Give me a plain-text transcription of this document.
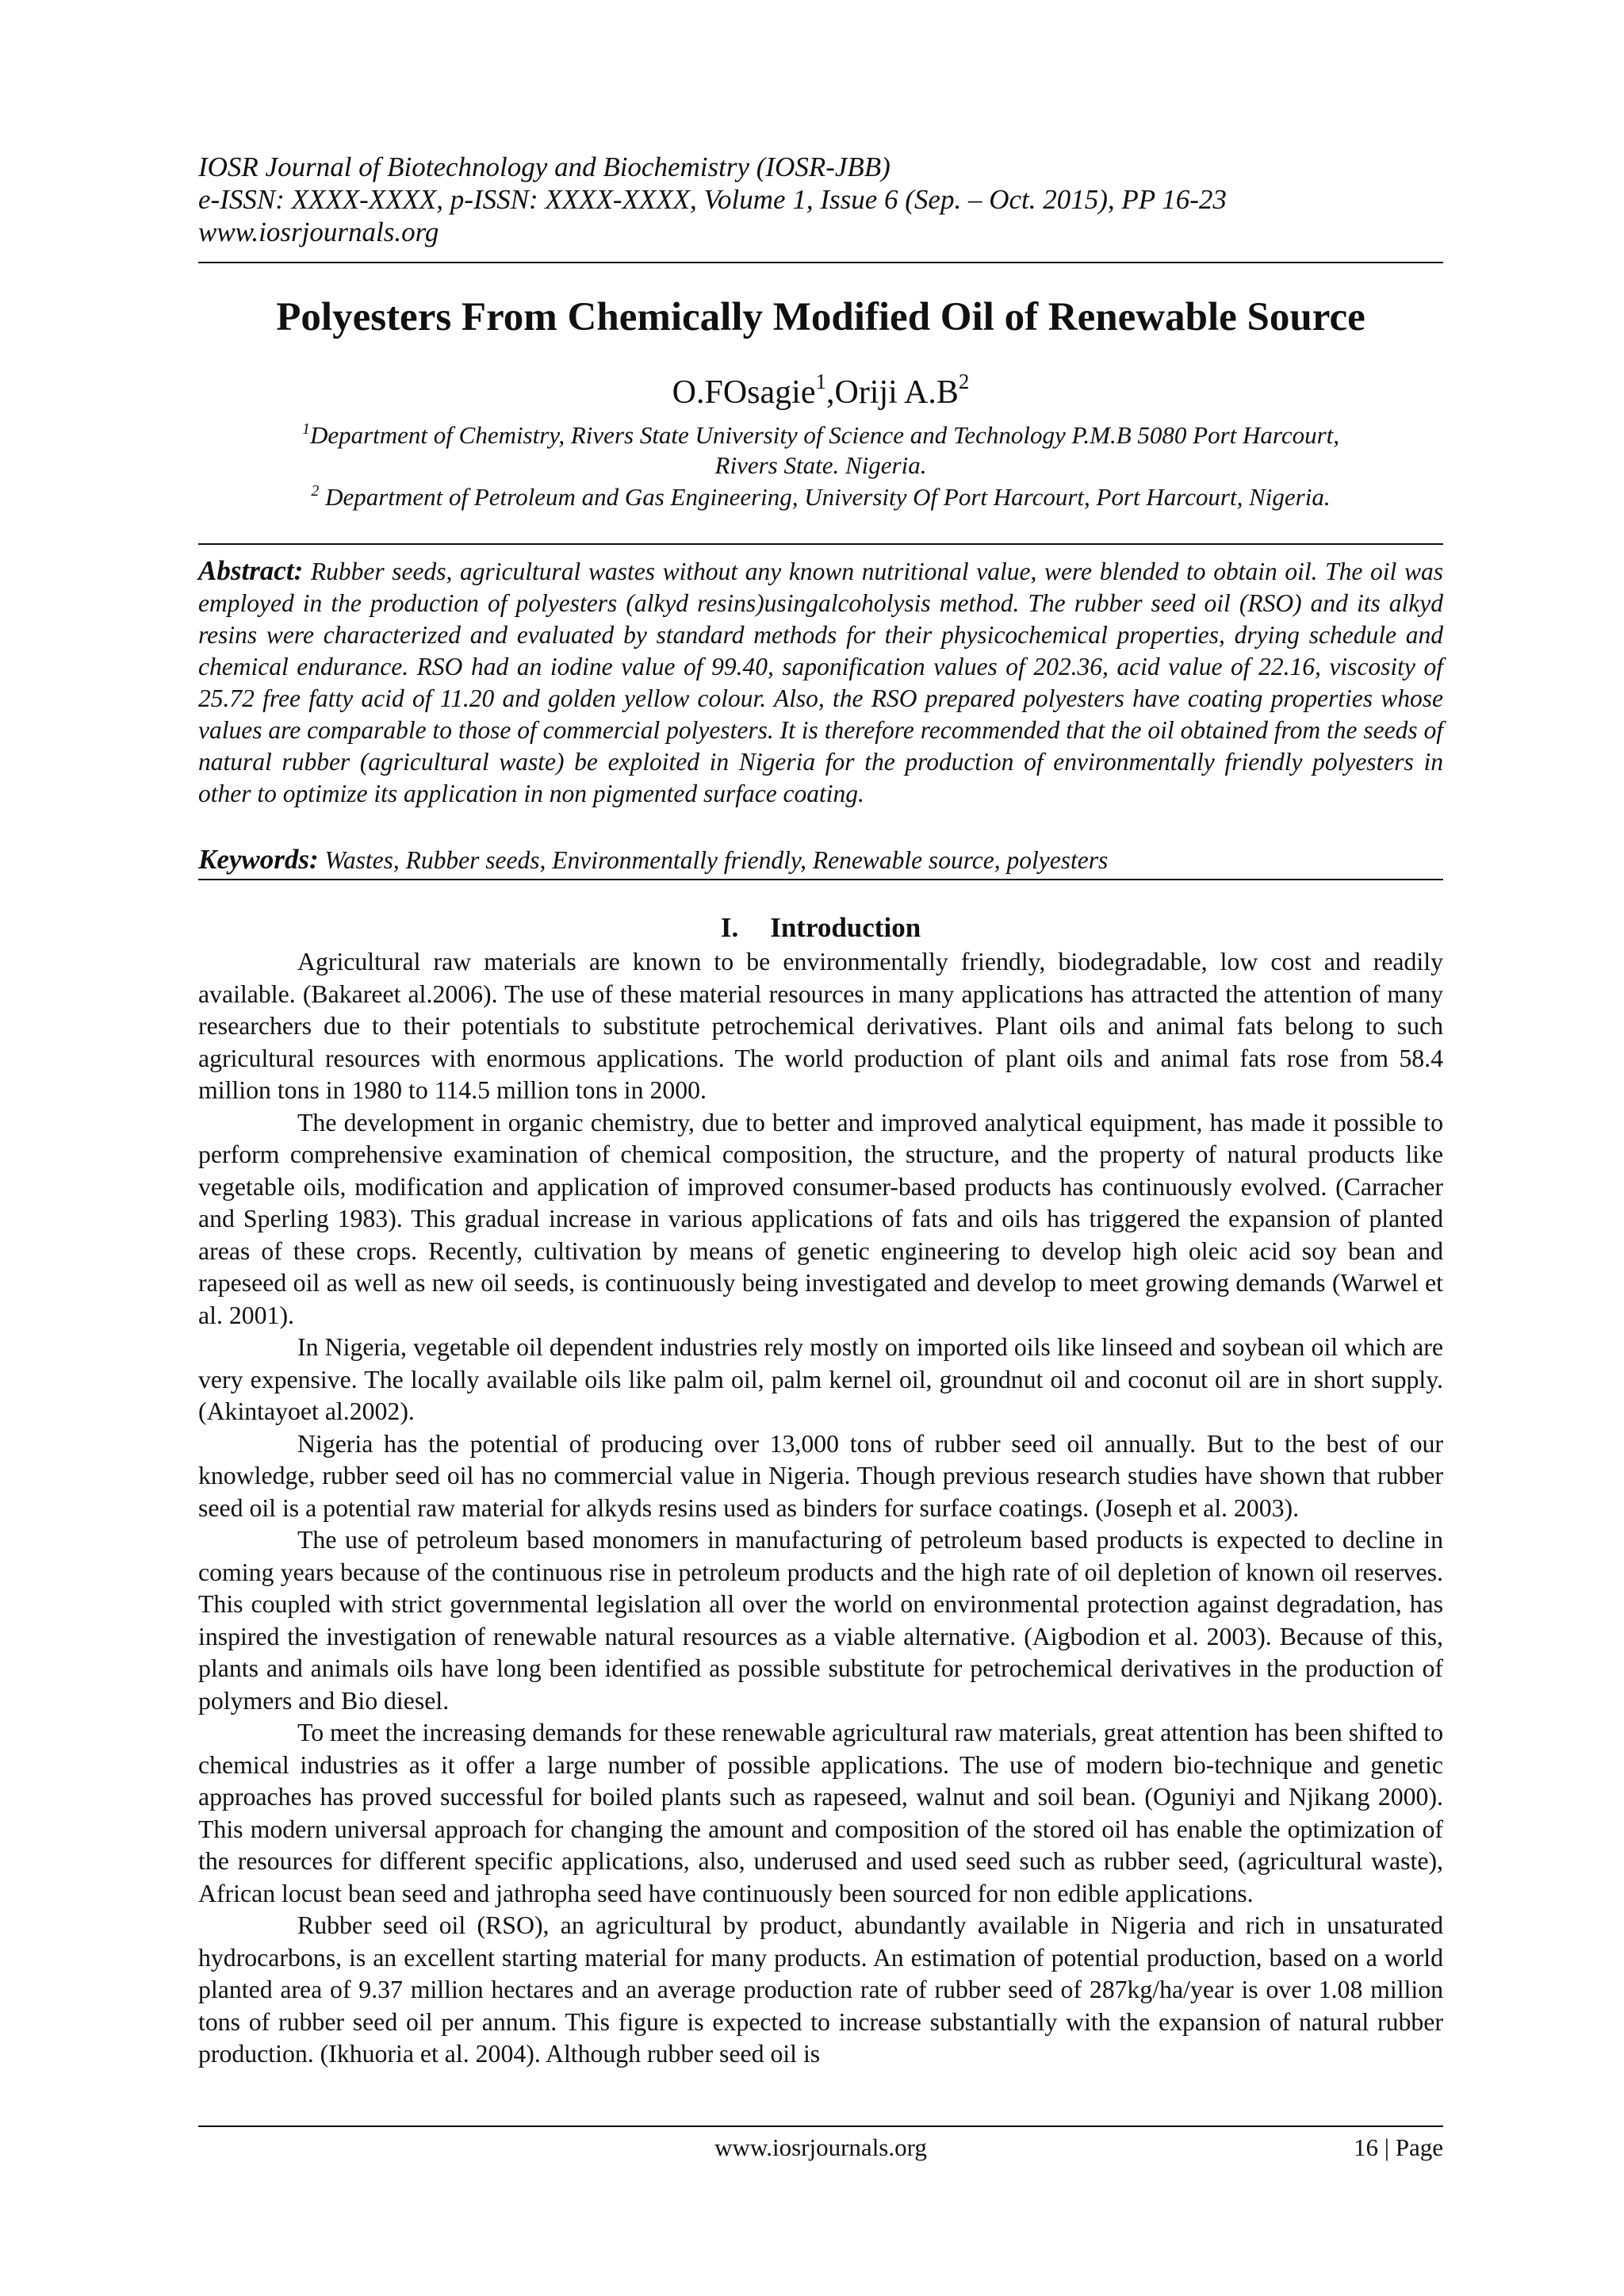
IOSR Journal of Biotechnology and Biochemistry (IOSR-JBB)
e-ISSN: XXXX-XXXX, p-ISSN: XXXX-XXXX, Volume 1, Issue 6 (Sep. – Oct. 2015), PP 16-23
www.iosrjournals.org
Polyesters From Chemically Modified Oil of Renewable Source
O.FOsagie$^1$,Oriji $A.B^2$
$^1$Department of Chemistry, Rivers State University of Science and Technology P.M.B 5080 Port Harcourt,
Rivers State. Nigeria.
$^2$ Department of Petroleum and Gas Engineering, University Of Port Harcourt, Port Harcourt, Nigeria.
Abstract: Rubber seeds, agricultural wastes without any known nutritional value, were blended to obtain oil. The oil was employed in the production of polyesters (alkyd resins)usingalcoholysis method. The rubber seed oil (RSO) and its alkyd resins were characterized and evaluated by standard methods for their physicochemical properties, drying schedule and chemical endurance. RSO had an iodine value of 99.40, saponification values of 202.36, acid value of 22.16, viscosity of 25.72 free fatty acid of 11.20 and golden yellow colour. Also, the RSO prepared polyesters have coating properties whose values are comparable to those of commercial polyesters. It is therefore recommended that the oil obtained from the seeds of natural rubber (agricultural waste) be exploited in Nigeria for the production of environmentally friendly polyesters in other to optimize its application in non pigmented surface coating.
Keywords: Wastes, Rubber seeds, Environmentally friendly, Renewable source, polyesters
I. Introduction

Agricultural raw materials are known to be environmentally friendly, biodegradable, low cost and readily available. (Bakareet al.2006). The use of these material resources in many applications has attracted the attention of many researchers due to their potentials to substitute petrochemical derivatives. Plant oils and animal fats belong to such agricultural resources with enormous applications. The world production of plant oils and animal fats rose from 58.4 million tons in 1980 to 114.5 million tons in 2000.

The development in organic chemistry, due to better and improved analytical equipment, has made it possible to perform comprehensive examination of chemical composition, the structure, and the property of natural products like vegetable oils, modification and application of improved consumer-based products has continuously evolved. (Carracher and Sperling 1983). This gradual increase in various applications of fats and oils has triggered the expansion of planted areas of these crops. Recently, cultivation by means of genetic engineering to develop high oleic acid soy bean and rapeseed oil as well as new oil seeds, is continuously being investigated and develop to meet growing demands (Warwel et al. 2001).

In Nigeria, vegetable oil dependent industries rely mostly on imported oils like linseed and soybean oil which are very expensive. The locally available oils like palm oil, palm kernel oil, groundnut oil and coconut oil are in short supply. (Akintayoet al.2002).

Nigeria has the potential of producing over 13,000 tons of rubber seed oil annually. But to the best of our knowledge, rubber seed oil has no commercial value in Nigeria. Though previous research studies have shown that rubber seed oil is a potential raw material for alkyds resins used as binders for surface coatings. (Joseph et al. 2003).

The use of petroleum based monomers in manufacturing of petroleum based products is expected to decline in coming years because of the continuous rise in petroleum products and the high rate of oil depletion of known oil reserves. This coupled with strict governmental legislation all over the world on environmental protection against degradation, has inspired the investigation of renewable natural resources as a viable alternative. (Aigbodion et al. 2003). Because of this, plants and animals oils have long been identified as possible substitute for petrochemical derivatives in the production of polymers and Bio diesel.

To meet the increasing demands for these renewable agricultural raw materials, great attention has been shifted to chemical industries as it offer a large number of possible applications. The use of modern bio-technique and genetic approaches has proved successful for boiled plants such as rapeseed, walnut and soil bean. (Oguniyi and Njikang 2000). This modern universal approach for changing the amount and composition of the stored oil has enable the optimization of the resources for different specific applications, also, underused and used seed such as rubber seed, (agricultural waste), African locust bean seed and jathropha seed have continuously been sourced for non edible applications.

Rubber seed oil (RSO), an agricultural by product, abundantly available in Nigeria and rich in unsaturated hydrocarbons, is an excellent starting material for many products. An estimation of potential production, based on a world planted area of 9.37 million hectares and an average production rate of rubber seed of 287kg/ha/year is over 1.08 million tons of rubber seed oil per annum. This figure is expected to increase substantially with the expansion of natural rubber production. (Ikhuoria et al. 2004). Although rubber seed oil is

www.iosrjournals.org	16 | Page
